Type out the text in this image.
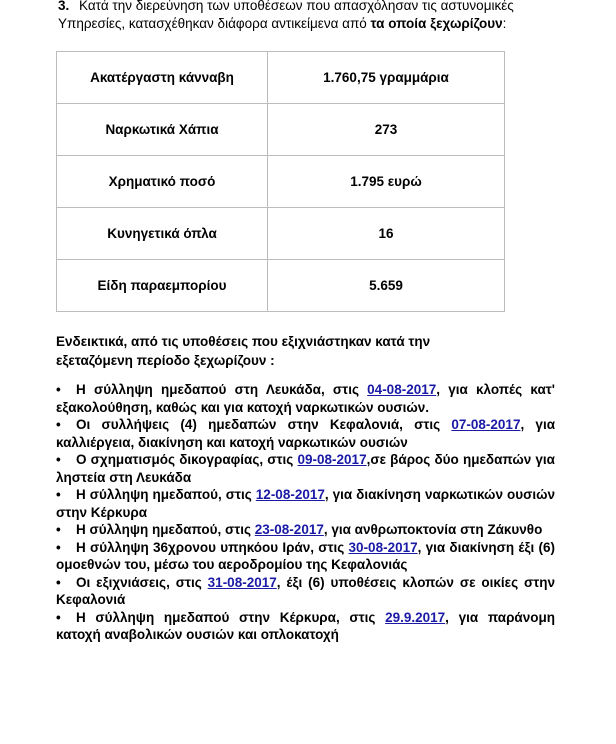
3. Κατά την διερεύνηση των υποθέσεων που απασχόλησαν τις αστυνομικές Υπηρεσίες, κατασχέθηκαν διάφορα αντικείμενα από τα οποία ξεχωρίζουν:
Ακατέργαστη κάνναβη	1.760,75 γραμμάρια
Ναρκωτικά Χάπια	273
Χρηματικό ποσό	1.795 ευρώ
Κυνηγετικά όπλα	16
Είδη παραεμπορίου	5.659
Ενδεικτικά, από τις υποθέσεις που εξιχνιάστηκαν κατά την
εξεταζόμενη περίοδο ξεχωρίζουν :
• Η σύλληψη ημεδαπού στη Λευκάδα, στις 04-08-2017, για κλοπές κατ' εξακολούθηση, καθώς και για κατοχή ναρκωτικών ουσιών.
• Οι συλλήψεις (4) ημεδαπών στην Κεφαλονιά, στις 07-08-2017, για καλλιέργεια, διακίνηση και κατοχή ναρκωτικών ουσιών
• Ο σχηματισμός δικογραφίας, στις 09-08-2017,σε βάρος δύο ημεδαπών για ληστεία στη Λευκάδα
• Η σύλληψη ημεδαπού, στις 12-08-2017, για διακίνηση ναρκωτικών ουσιών στην Κέρκυρα
• Η σύλληψη ημεδαπού, στις 23-08-2017, για ανθρωποκτονία στη Ζάκυνθο
• Η σύλληψη 36χρονου υπηκόου Ιράν, στις 30-08-2017, για διακίνηση έξι (6) ομοεθνών του, μέσω του αεροδρομίου της Κεφαλονιάς
• Οι εξιχνιάσεις, στις 31-08-2017, έξι (6) υποθέσεις κλοπών σε οικίες στην Κεφαλονιά
• Η σύλληψη ημεδαπού στην Κέρκυρα, στις 29.9.2017, για παράνομη κατοχή αναβολικών ουσιών και οπλοκατοχή
